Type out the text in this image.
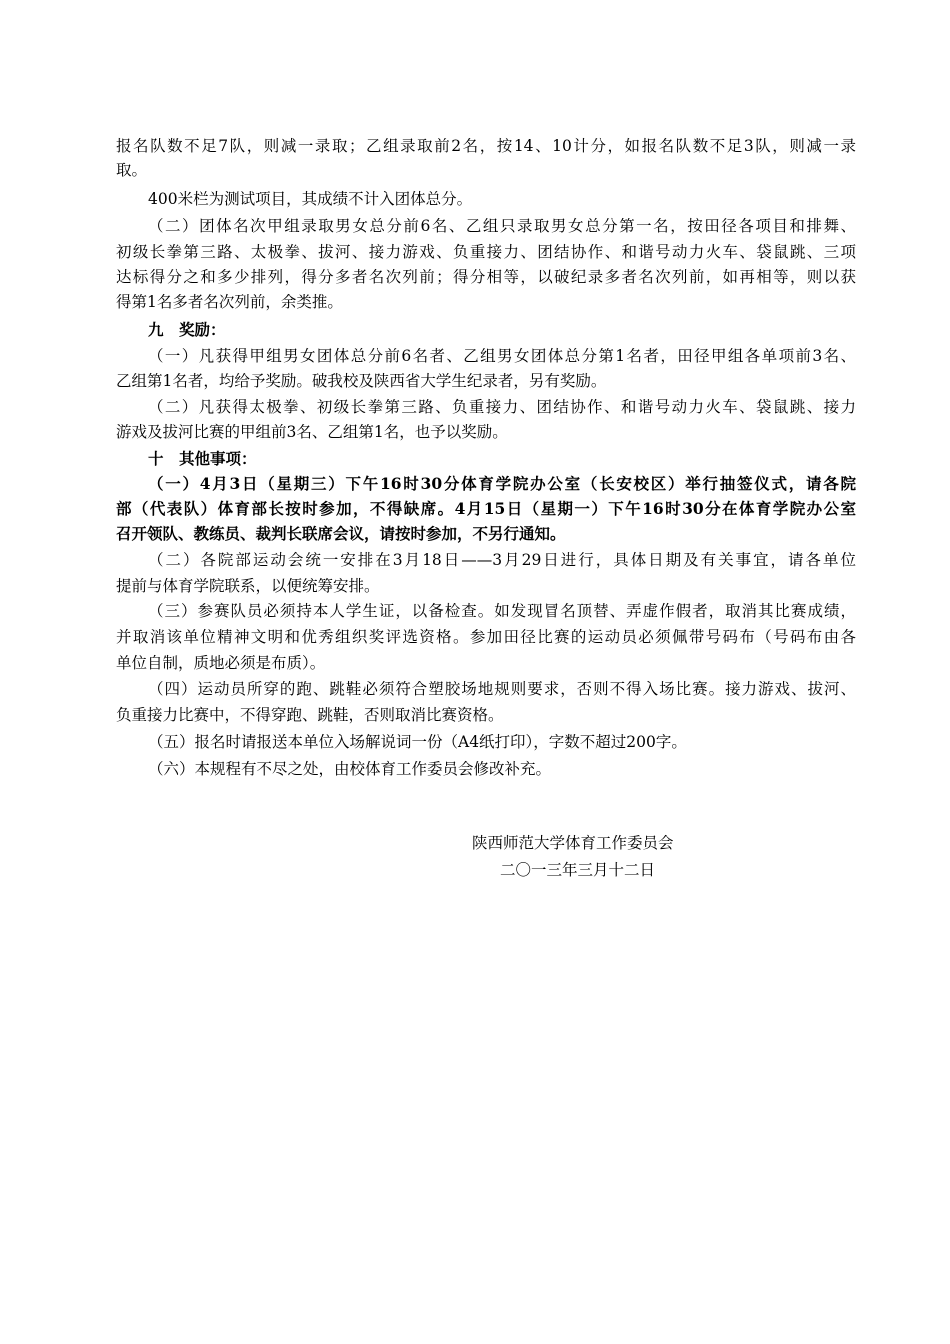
报名队数不足7队，则减一录取；乙组录取前2名，按14、10计分，如报名队数不足3队，则减一录

取。

400米栏为测试项目，其成绩不计入团体总分。

（二）团体名次甲组录取男女总分前6名、乙组只录取男女总分第一名，按田径各项目和排舞、

初级长拳第三路、太极拳、拔河、接力游戏、负重接力、团结协作、和谐号动力火车、袋鼠跳、三项

达标得分之和多少排列，得分多者名次列前；得分相等，以破纪录多者名次列前，如再相等，则以获

得第1名多者名次列前，余类推。

九　奖励：

（一）凡获得甲组男女团体总分前6名者、乙组男女团体总分第1名者，田径甲组各单项前3名、

乙组第1名者，均给予奖励。破我校及陕西省大学生纪录者，另有奖励。

（二）凡获得太极拳、初级长拳第三路、负重接力、团结协作、和谐号动力火车、袋鼠跳、接力

游戏及拔河比赛的甲组前3名、乙组第1名，也予以奖励。

十　其他事项：

（一）4月3日（星期三）下午16时30分体育学院办公室（长安校区）举行抽签仪式，请各院

部（代表队）体育部长按时参加，不得缺席。4月15日（星期一）下午16时30分在体育学院办公室

召开领队、教练员、裁判长联席会议，请按时参加，不另行通知。

（二）各院部运动会统一安排在3月18日——3月29日进行，具体日期及有关事宜，请各单位

提前与体育学院联系，以便统筹安排。

（三）参赛队员必须持本人学生证，以备检查。如发现冒名顶替、弄虚作假者，取消其比赛成绩，

并取消该单位精神文明和优秀组织奖评选资格。参加田径比赛的运动员必须佩带号码布（号码布由各

单位自制，质地必须是布质）。

（四）运动员所穿的跑、跳鞋必须符合塑胶场地规则要求，否则不得入场比赛。接力游戏、拔河、

负重接力比赛中，不得穿跑、跳鞋，否则取消比赛资格。

（五）报名时请报送本单位入场解说词一份（A4纸打印），字数不超过200字。

（六）本规程有不尽之处，由校体育工作委员会修改补充。

陕西师范大学体育工作委员会

二〇一三年三月十二日
